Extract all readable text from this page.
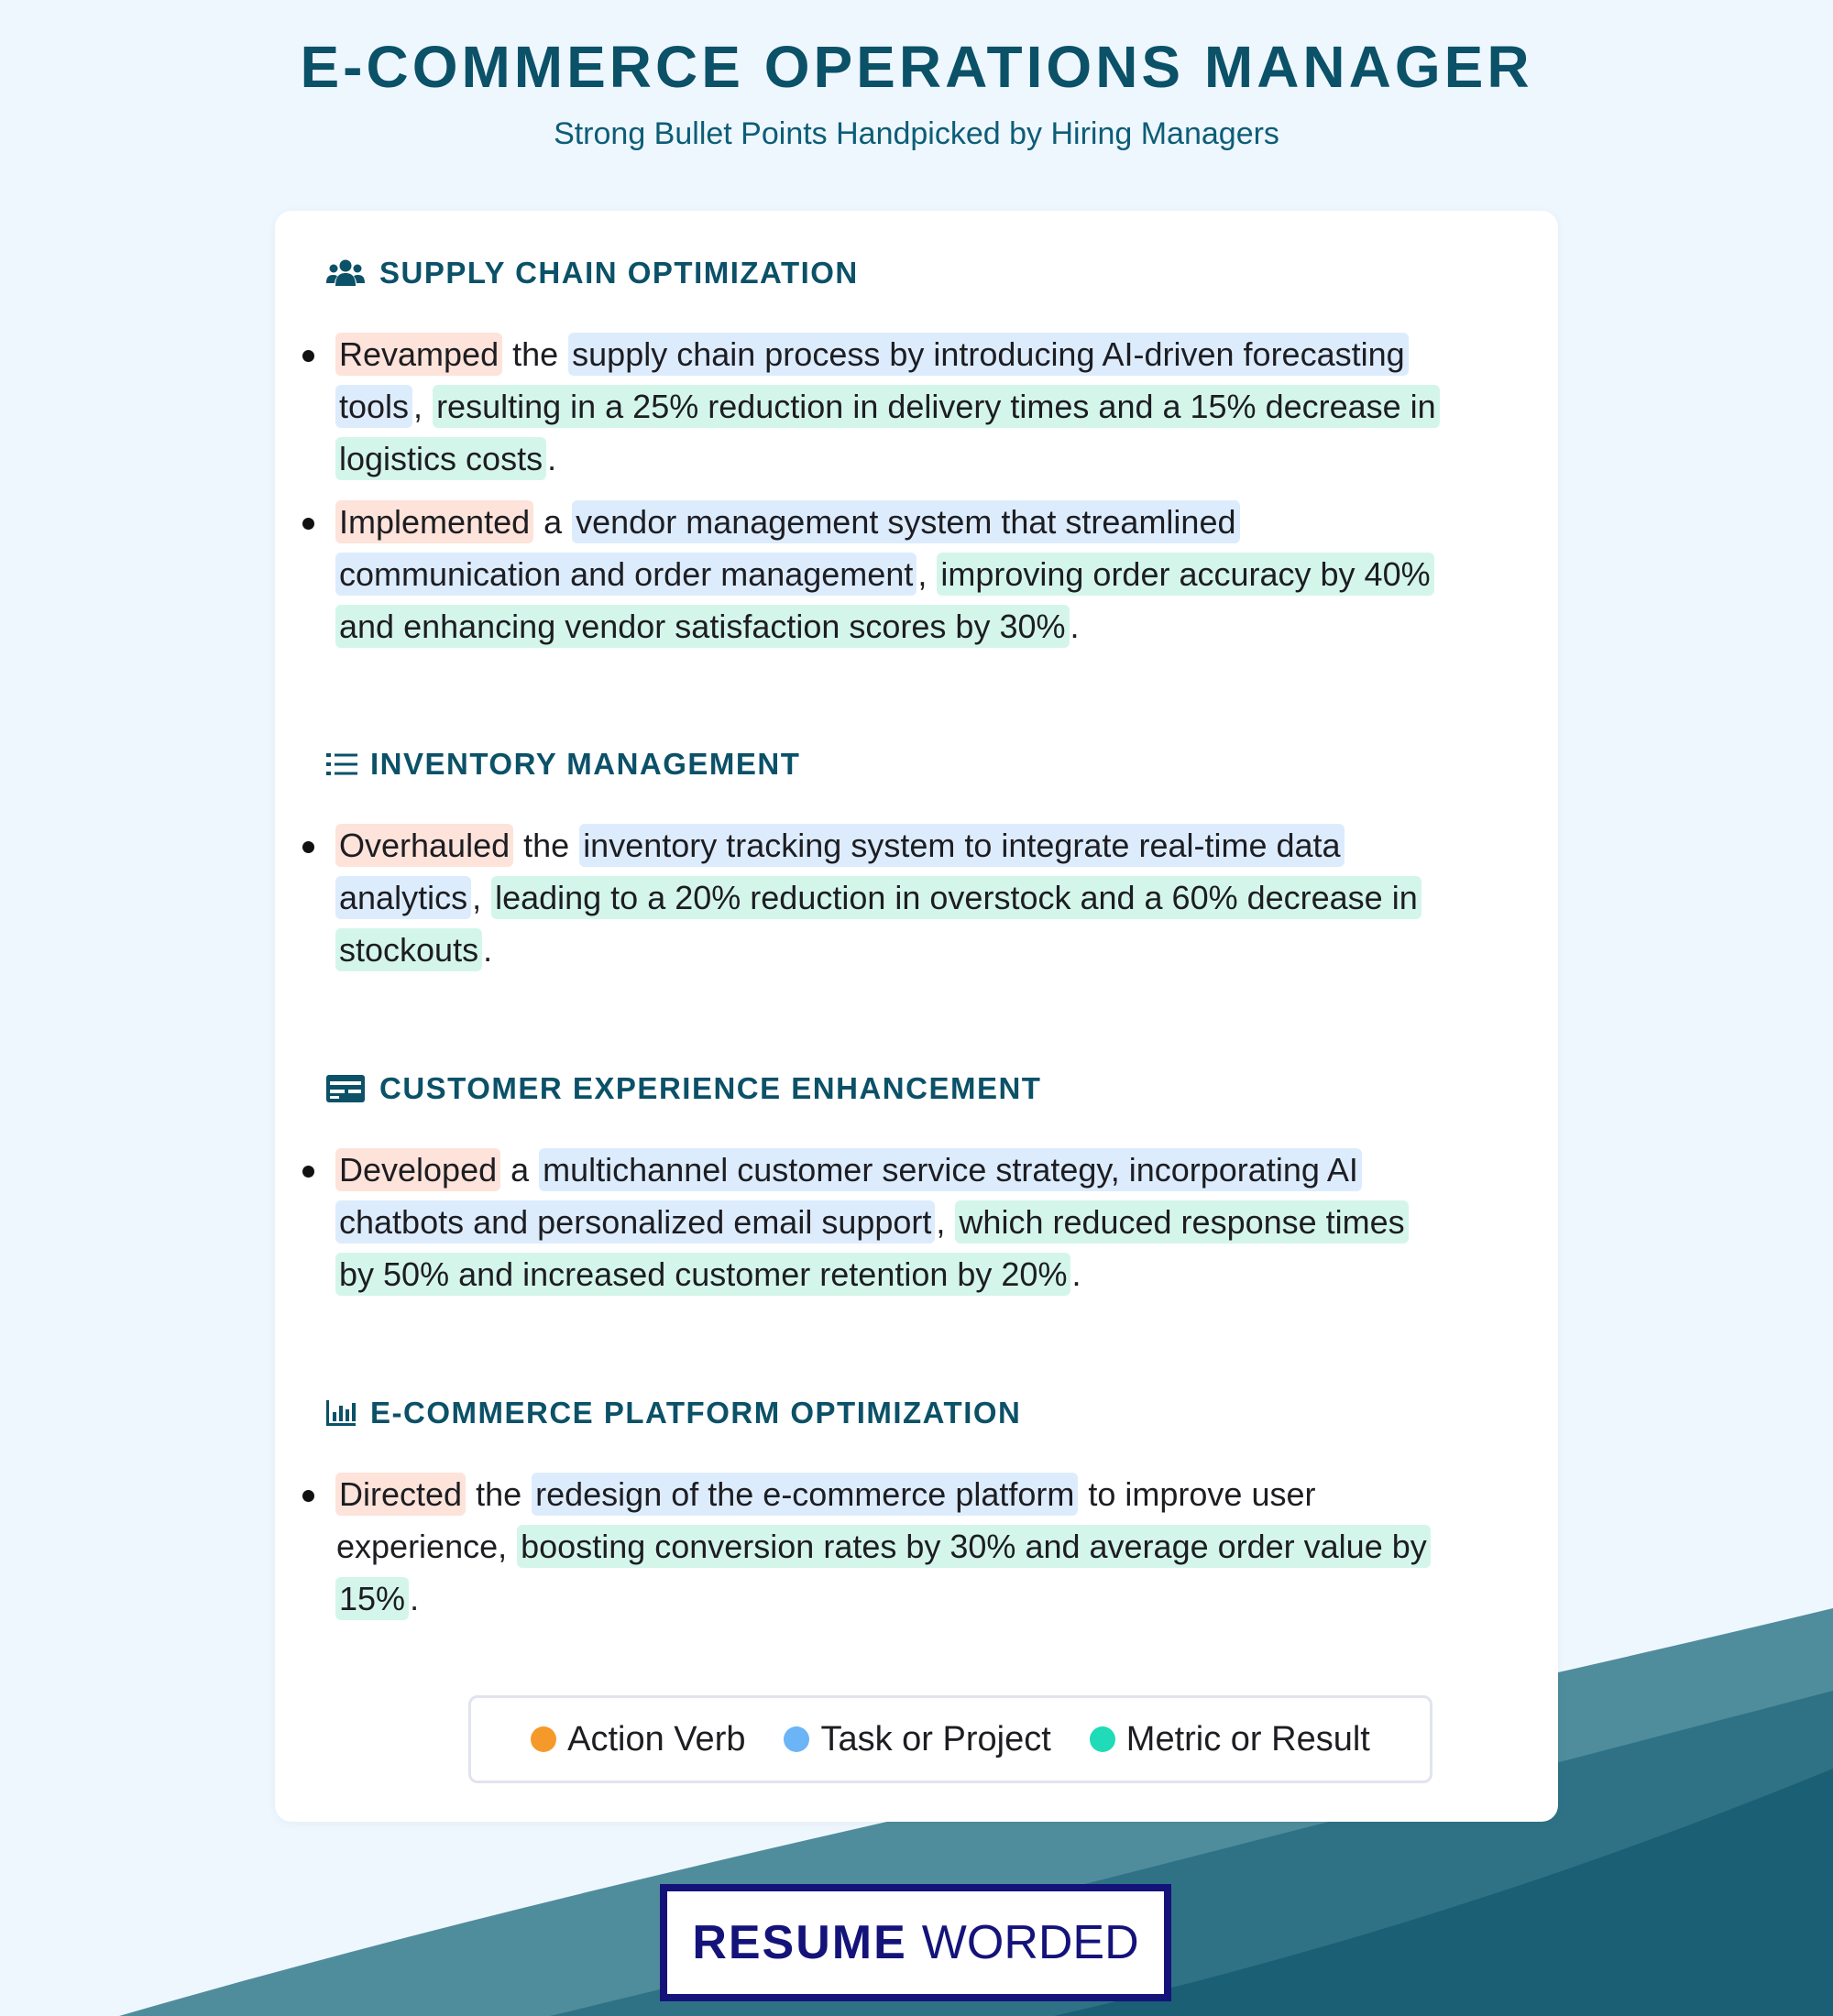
E-COMMERCE OPERATIONS MANAGER
Strong Bullet Points Handpicked by Hiring Managers
SUPPLY CHAIN OPTIMIZATION
Revamped the supply chain process by introducing AI-driven forecasting tools , resulting in a 25% reduction in delivery times and a 15% decrease in logistics costs .
Implemented a vendor management system that streamlined communication and order management , improving order accuracy by 40% and enhancing vendor satisfaction scores by 30% .
INVENTORY MANAGEMENT
Overhauled the inventory tracking system to integrate real-time data analytics , leading to a 20% reduction in overstock and a 60% decrease in stockouts .
CUSTOMER EXPERIENCE ENHANCEMENT
Developed a multichannel customer service strategy, incorporating AI chatbots and personalized email support , which reduced response times by 50% and increased customer retention by 20% .
E-COMMERCE PLATFORM OPTIMIZATION
Directed the redesign of the e-commerce platform to improve user experience, boosting conversion rates by 30% and average order value by 15% .
Action Verb Task or Project Metric or Result
RESUME WORDED
